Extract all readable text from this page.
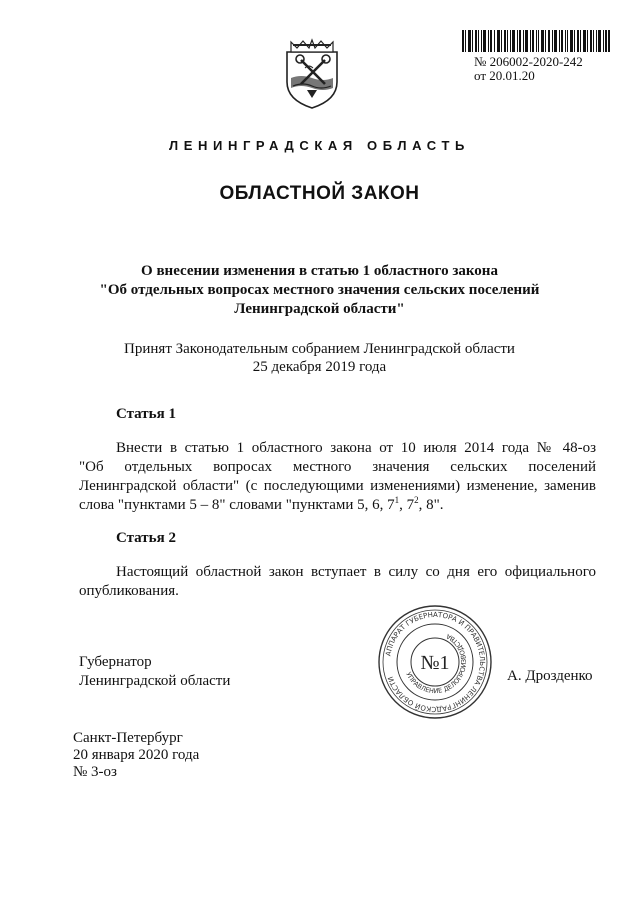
№ 206002-2020-242
от 20.01.20
ЛЕНИНГРАДСКАЯ ОБЛАСТЬ
ОБЛАСТНОЙ ЗАКОН
О внесении изменения в статью 1 областного закона
"Об отдельных вопросах местного значения сельских поселений
Ленинградской области"
Принят Законодательным собранием Ленинградской области
25 декабря 2019 года
Статья 1
Внести в статью 1 областного закона от 10 июля 2014 года № 48-оз
"Об отдельных вопросах местного значения сельских поселений
Ленинградской области" (с последующими изменениями) изменение, заменив
слова "пунктами 5 – 8" словами "пунктами 5, 6, $7^1$, $7^2$, 8".
Статья 2
Настоящий областной закон вступает в силу со дня его официального
опубликования.
Губернатор
Ленинградской области
АППАРАТ ГУБЕРНАТОРА И ПРАВИТЕЛЬСТВА ЛЕНИНГРАДСКОЙ ОБЛАСТИ
УПРАВЛЕНИЕ ДЕЛОПРОИЗВОДСТВА
№1
А. Дрозденко
Санкт-Петербург
20 января 2020 года
№ 3-оз
